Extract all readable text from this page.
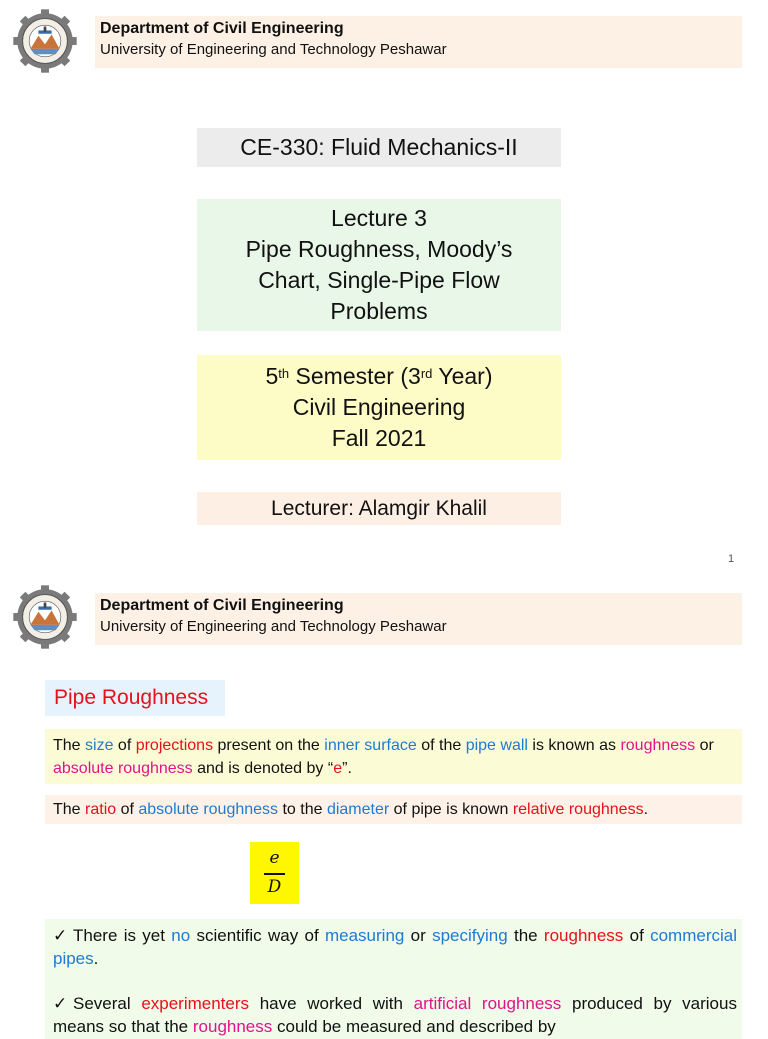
Department of Civil Engineering
University of Engineering and Technology Peshawar
CE-330: Fluid Mechanics-II
Lecture 3
Pipe Roughness, Moody’s
Chart, Single-Pipe Flow
Problems
5th Semester (3rd Year)
Civil Engineering
Fall 2021
Lecturer: Alamgir Khalil
1
Department of Civil Engineering
University of Engineering and Technology Peshawar
Pipe Roughness
The size of projections present on the inner surface of the pipe wall is known as roughness or absolute roughness and is denoted by “e”.
The ratio of absolute roughness to the diameter of pipe is known relative roughness.
e
D
✓ There is yet no scientific way of measuring or specifying the roughness of commercial pipes.
✓ Several experimenters have worked with artificial roughness produced by various means so that the roughness could be measured and described by
